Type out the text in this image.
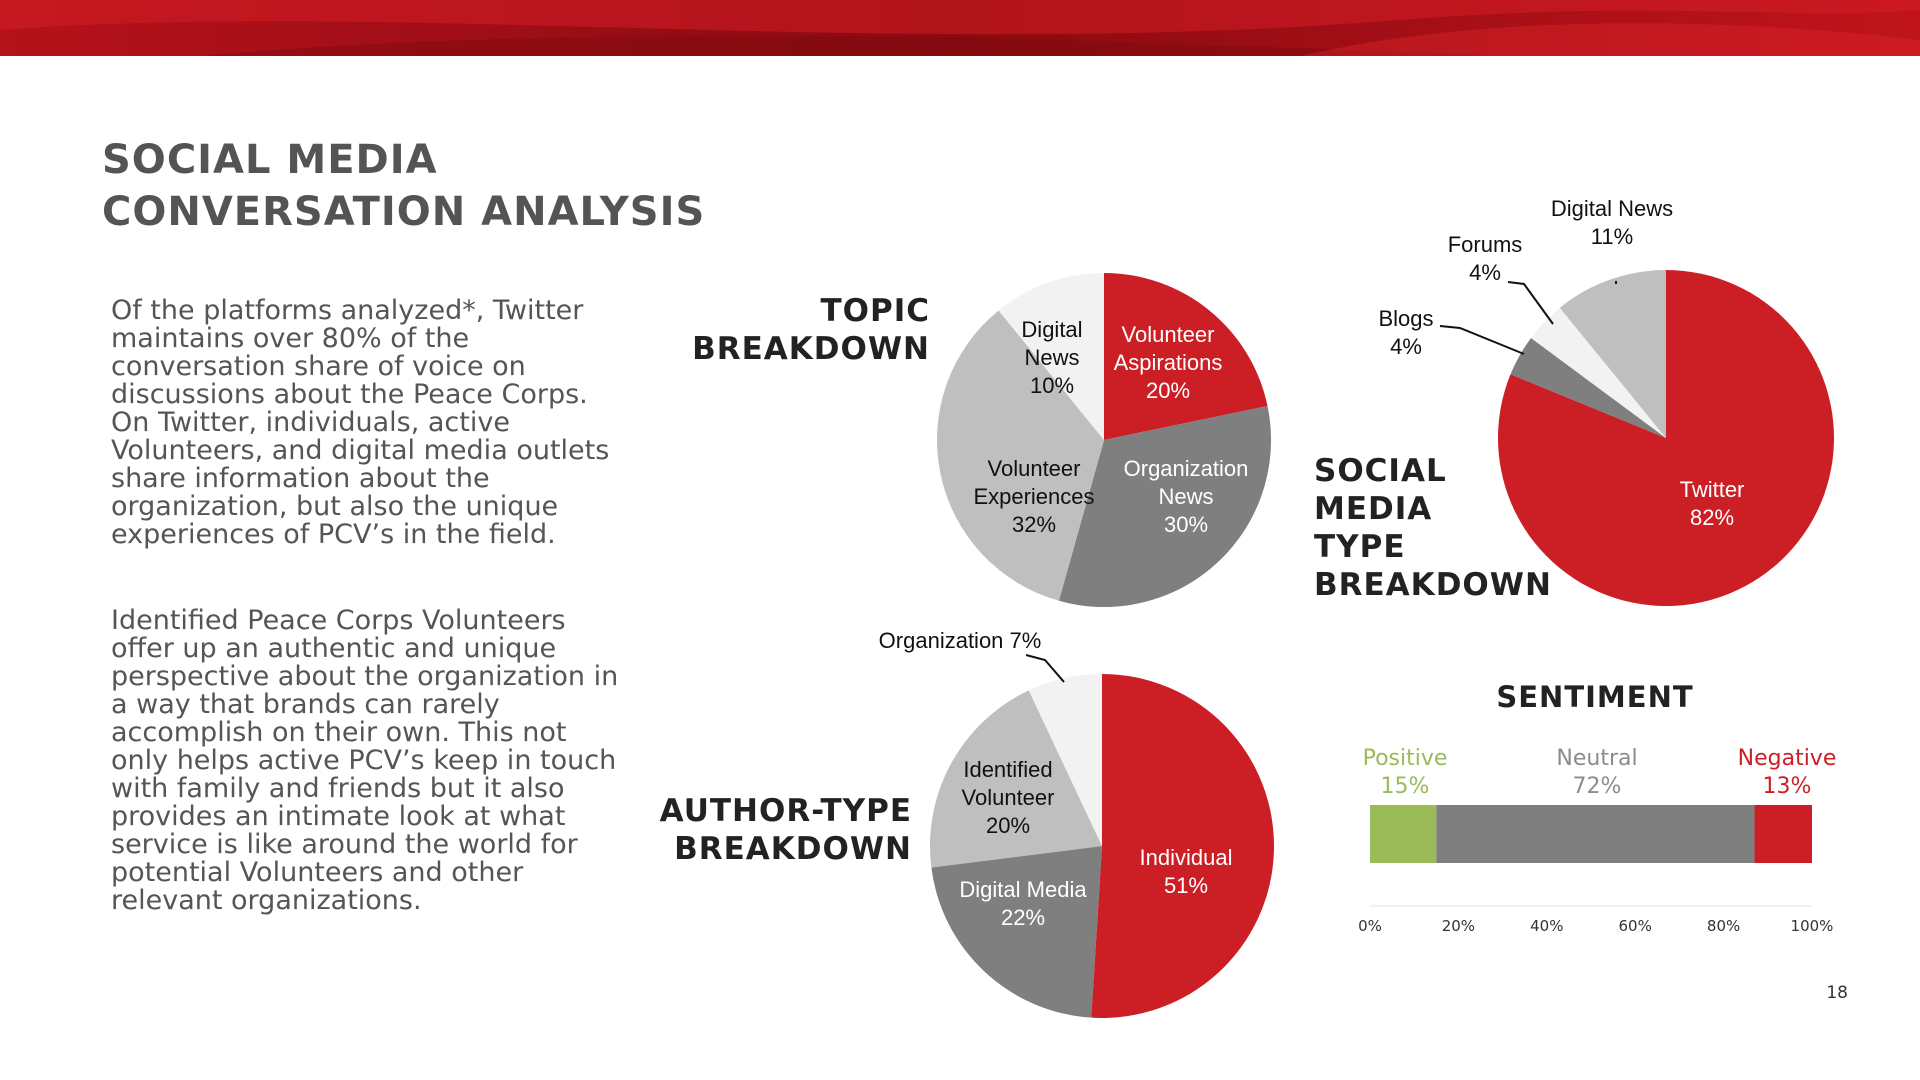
SOCIAL MEDIA
CONVERSATION ANALYSIS

Of the platforms analyzed*, Twitter maintains over 80% of the conversation share of voice on discussions about the Peace Corps. On Twitter, individuals, active Volunteers, and digital media outlets share information about the organization, but also the unique experiences of PCV’s in the field.

Identified Peace Corps Volunteers offer up an authentic and unique perspective about the organization in a way that brands can rarely accomplish on their own. This not only helps active PCV’s keep in touch with family and friends but it also provides an intimate look at what service is like around the world for potential Volunteers and other relevant organizations.

TOPIC
BREAKDOWN	Volunteer Aspirations 20%
Organization News 30%
Volunteer Experiences 32%
Digital News 10%
SOCIAL
MEDIA
TYPE
BREAKDOWN
Twitter 82%
Blogs 4%
Forums 4%
Digital News 11%
AUTHOR-TYPE
BREAKDOWN	Individual 51%
Digital Media 22%
Identified Volunteer 20%
Organization 7%
SENTIMENT
Positive
15%
Neutral
72%
Negative
13%
0%	20%	40%	60%	80%	100%
18
